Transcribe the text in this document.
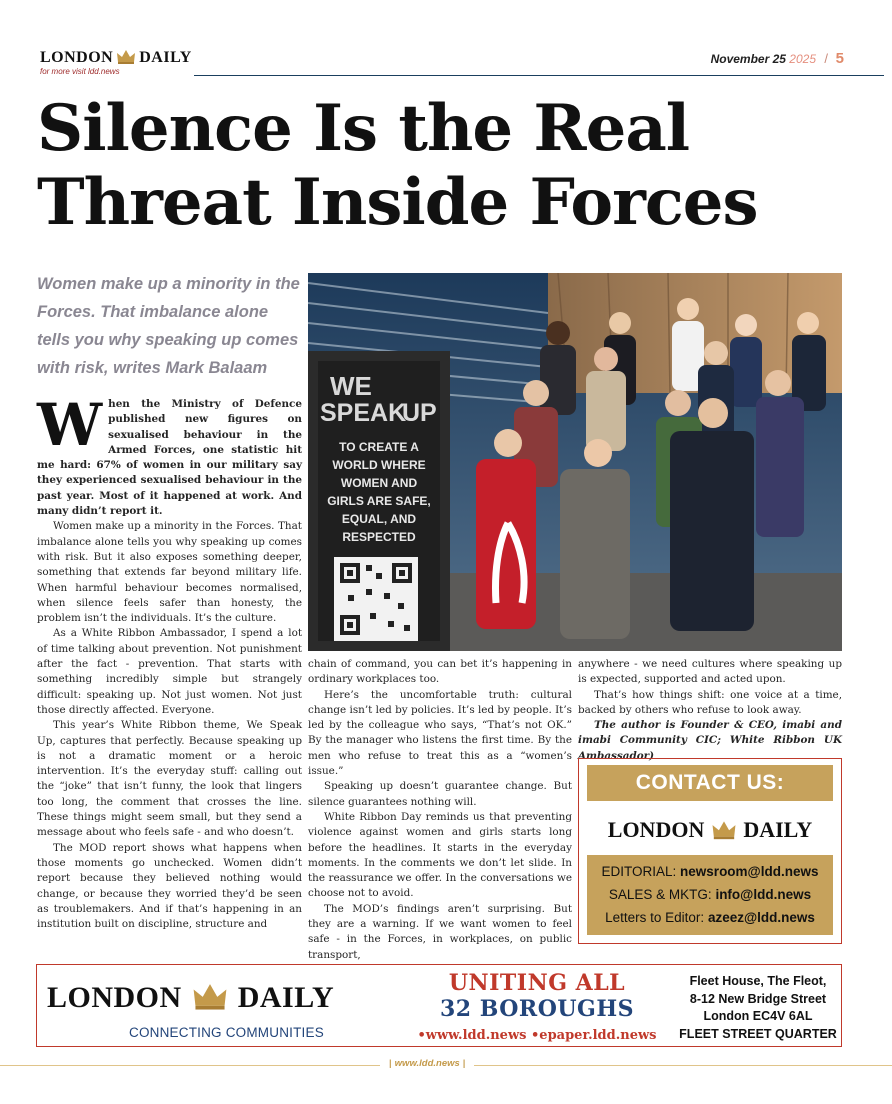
LONDON DAILY
for more visit ldd.news
November 25 2025 / 5
Silence Is the Real
Threat Inside Forces
Women make up a minority in the Forces. That imbalance alone tells you why speaking up comes with risk, writes Mark Balaam
WE
SPEAK
UP
TO CREATE A
WORLD WHERE
WOMEN AND
GIRLS ARE SAFE,
EQUAL, AND
RESPECTED

When the Ministry of Defence published new figures on sexualised behaviour in the Armed Forces, one statistic hit me hard: 67% of women in our military say they experienced sexualised behaviour in the past year. Most of it happened at work. And many didn’t report it.

Women make up a minority in the Forces. That imbalance alone tells you why speaking up comes with risk. But it also exposes something deeper, something that extends far beyond military life. When harmful behaviour becomes normalised, when silence feels safer than honesty, the problem isn’t the individuals. It’s the culture.

As a White Ribbon Ambassador, I spend a lot of time talking about prevention. Not punishment after the fact - prevention. That starts with something incredibly simple but strangely difficult: speaking up. Not just women. Not just those directly affected. Everyone.

This year’s White Ribbon theme, We Speak Up, captures that perfectly. Because speaking up is not a dramatic moment or a heroic intervention. It’s the everyday stuff: calling out the “joke” that isn’t funny, the look that lingers too long, the comment that crosses the line. These things might seem small, but they send a message about who feels safe - and who doesn’t.

The MOD report shows what happens when those moments go unchecked. Women didn’t report because they believed nothing would change, or because they worried they’d be seen as troublemakers. And if that’s happening in an institution built on discipline, structure and

chain of command, you can bet it’s happening in ordinary workplaces too.

Here’s the uncomfortable truth: cultural change isn’t led by policies. It’s led by people. It’s led by the colleague who says, “That’s not OK.” By the manager who listens the first time. By the men who refuse to treat this as a “women’s issue.”

Speaking up doesn’t guarantee change. But silence guarantees nothing will.

White Ribbon Day reminds us that preventing violence against women and girls starts long before the headlines. It starts in the everyday moments. In the comments we don’t let slide. In the reassurance we offer. In the conversations we choose not to avoid.

The MOD’s findings aren’t surprising. But they are a warning. If we want women to feel safe - in the Forces, in workplaces, on public transport,

anywhere - we need cultures where speaking up is expected, supported and acted upon.

That’s how things shift: one voice at a time, backed by others who refuse to look away.

The author is Founder & CEO, imabi and imabi Community CIC; White Ribbon UK Ambassador)

CONTACT US:
LONDON DAILY
EDITORIAL: newsroom@ldd.news
SALES & MKTG: info@ldd.news
Letters to Editor: azeez@ldd.news
LONDON DAILY
CONNECTING COMMUNITIES
UNITING ALL
32 BOROUGHS
•www.ldd.news •epaper.ldd.news
Fleet House, The Fleot,
8-12 New Bridge Street
London EC4V 6AL
FLEET STREET QUARTER
| www.ldd.news |
